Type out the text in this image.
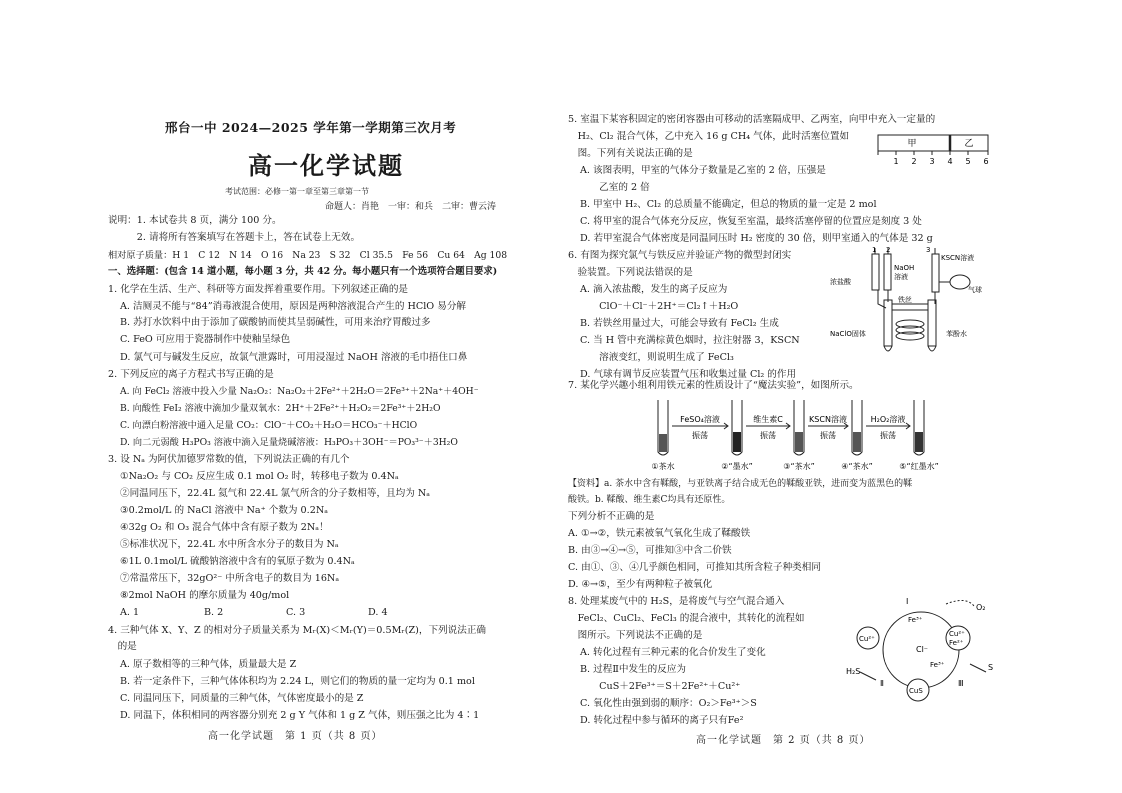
邢台一中 2024—2025 学年第一学期第三次月考
高一化学试题
考试范围：必修一第一章至第三章第一节
命题人：肖艳　一审：和兵　二审：曹云涛
说明：1. 本试卷共 8 页，满分 100 分。
　　　2. 请将所有答案填写在答题卡上，答在试卷上无效。
相对原子质量：H 1　C 12　N 14　O 16　Na 23　S 32　Cl 35.5　Fe 56　Cu 64　Ag 108
一、选择题：(包含 14 道小题，每小题 3 分，共 42 分。每小题只有一个选项符合题目要求)
1. 化学在生活、生产、科研等方面发挥着重要作用。下列叙述正确的是
A. 洁厕灵不能与“84”消毒液混合使用，原因是两种溶液混合产生的 HClO 易分解
B. 苏打水饮料中由于添加了碳酸钠而使其呈弱碱性，可用来治疗胃酸过多
C. FeO 可应用于瓷器制作中使釉呈绿色
D. 氯气可与碱发生反应，故氯气泄露时，可用浸湿过 NaOH 溶液的毛巾捂住口鼻
2. 下列反应的离子方程式书写正确的是
A. 向 FeCl₂ 溶液中投入少量 Na₂O₂：Na₂O₂＋2Fe²⁺＋2H₂O＝2Fe³⁺＋2Na⁺＋4OH⁻
B. 向酸性 FeI₂ 溶液中滴加少量双氧水：2H⁺＋2Fe²⁺＋H₂O₂＝2Fe³⁺＋2H₂O
C. 向漂白粉溶液中通入足量 CO₂：ClO⁻＋CO₂＋H₂O＝HCO₃⁻＋HClO
D. 向二元弱酸 H₃PO₃ 溶液中滴入足量烧碱溶液：H₃PO₃＋3OH⁻＝PO₃³⁻＋3H₂O
3. 设 Nₐ 为阿伏加德罗常数的值，下列说法正确的有几个
①Na₂O₂ 与 CO₂ 反应生成 0.1 mol O₂ 时，转移电子数为 0.4Nₐ
②同温同压下，22.4L 氦气和 22.4L 氯气所含的分子数相等，且均为 Nₐ
③0.2mol/L 的 NaCl 溶液中 Na⁺ 个数为 0.2Nₐ
④32g O₂ 和 O₃ 混合气体中含有原子数为 2Nₐ！
⑤标准状况下，22.4L 水中所含水分子的数目为 Nₐ
⑥1L 0.1mol/L 硫酸钠溶液中含有的氧原子数为 0.4Nₐ
⑦常温常压下，32gO²⁻ 中所含电子的数目为 16Nₐ
⑧2mol NaOH 的摩尔质量为 40g/mol
A. 1	B. 2	C. 3	D. 4
4. 三种气体 X、Y、Z 的相对分子质量关系为 Mᵣ(X)＜Mᵣ(Y)＝0.5Mᵣ(Z)，下列说法正确
　的是
A. 原子数相等的三种气体，质量最大是 Z
B. 若一定条件下，三种气体体积均为 2.24 L，则它们的物质的量一定均为 0.1 mol
C. 同温同压下，同质量的三种气体，气体密度最小的是 Z
D. 同温下，体积相同的两容器分别充 2 g Y 气体和 1 g Z 气体，则压强之比为 4∶1
高一化学试题　第 1 页（共 8 页）
5. 室温下某容积固定的密闭容器由可移动的活塞隔成甲、乙两室，向甲中充入一定量的
　H₂、Cl₂ 混合气体，乙中充入 16 g CH₄ 气体，此时活塞位置如
　图。下列有关说法正确的是
A. 该图表明，甲室的气体分子数量是乙室的 2 倍，压强是
　　乙室的 2 倍
B. 甲室中 H₂、Cl₂ 的总质量不能确定，但总的物质的量一定是 2 mol
C. 将甲室的混合气体充分反应，恢复至室温，最终活塞停留的位置应是刻度 3 处
D. 若甲室混合气体密度是同温同压时 H₂ 密度的 30 倍，则甲室通入的气体是 32 g
甲	乙
1 2 3 4 5 6
6. 有图为探究氯气与铁反应并验证产物的微型封闭实
　验装置。下列说法错误的是
A. 滴入浓盐酸，发生的离子反应为
　　ClO⁻＋Cl⁻＋2H⁺＝Cl₂↑＋H₂O
B. 若铁丝用量过大，可能会导致有 FeCl₂ 生成
C. 当 H 管中充满棕黄色烟时，拉注射器 3，KSCN
　　溶液变红，则说明生成了 FeCl₃
D. 气球有调节反应装置气压和收集过量 Cl₂ 的作用
1 2	3
NaOH
溶液
KSCN溶液
浓盐酸
气球
铁丝
NaClO固体	苯酚水
7. 某化学兴趣小组利用铁元素的性质设计了“魔法实验”，如图所示。
FeSO₄溶液
振荡
维生素C
振荡
KSCN溶液
振荡
H₂O₂溶液
振荡
①茶水	②“墨水”	③“茶水”	④“茶水”	⑤“红墨水”
【资料】a. 茶水中含有鞣酸，与亚铁离子结合成无色的鞣酸亚铁，进而变为蓝黑色的鞣
酸铁。b. 鞣酸、维生素C均具有还原性。
下列分析不正确的是
A. ①→②，铁元素被氧气氧化生成了鞣酸铁
B. 由③→④→⑤，可推知③中含二价铁
C. 由①、③、④几乎颜色相同，可推知其所含粒子种类相同
D. ④→⑤，至少有两种粒子被氧化
8. 处理某废气中的 H₂S，是将废气与空气混合通入
　FeCl₂、CuCl₂、FeCl₃ 的混合液中，其转化的流程如
　图所示。下列说法不正确的是
A. 转化过程有三种元素的化合价发生了变化
B. 过程Ⅱ中发生的反应为
　　CuS＋2Fe³⁺＝S＋2Fe²⁺＋Cu²⁺
C. 氧化性由强到弱的顺序：O₂＞Fe³⁺＞S
D. 转化过程中参与循环的离子只有Fe²
Ⅰ
O₂
Fe³⁺
Cu²⁺
Cl⁻
Cu²⁺
Fe²⁺
Fe³⁺
H₂S
Ⅱ
CuS
Ⅲ
S
高一化学试题　第 2 页（共 8 页）
